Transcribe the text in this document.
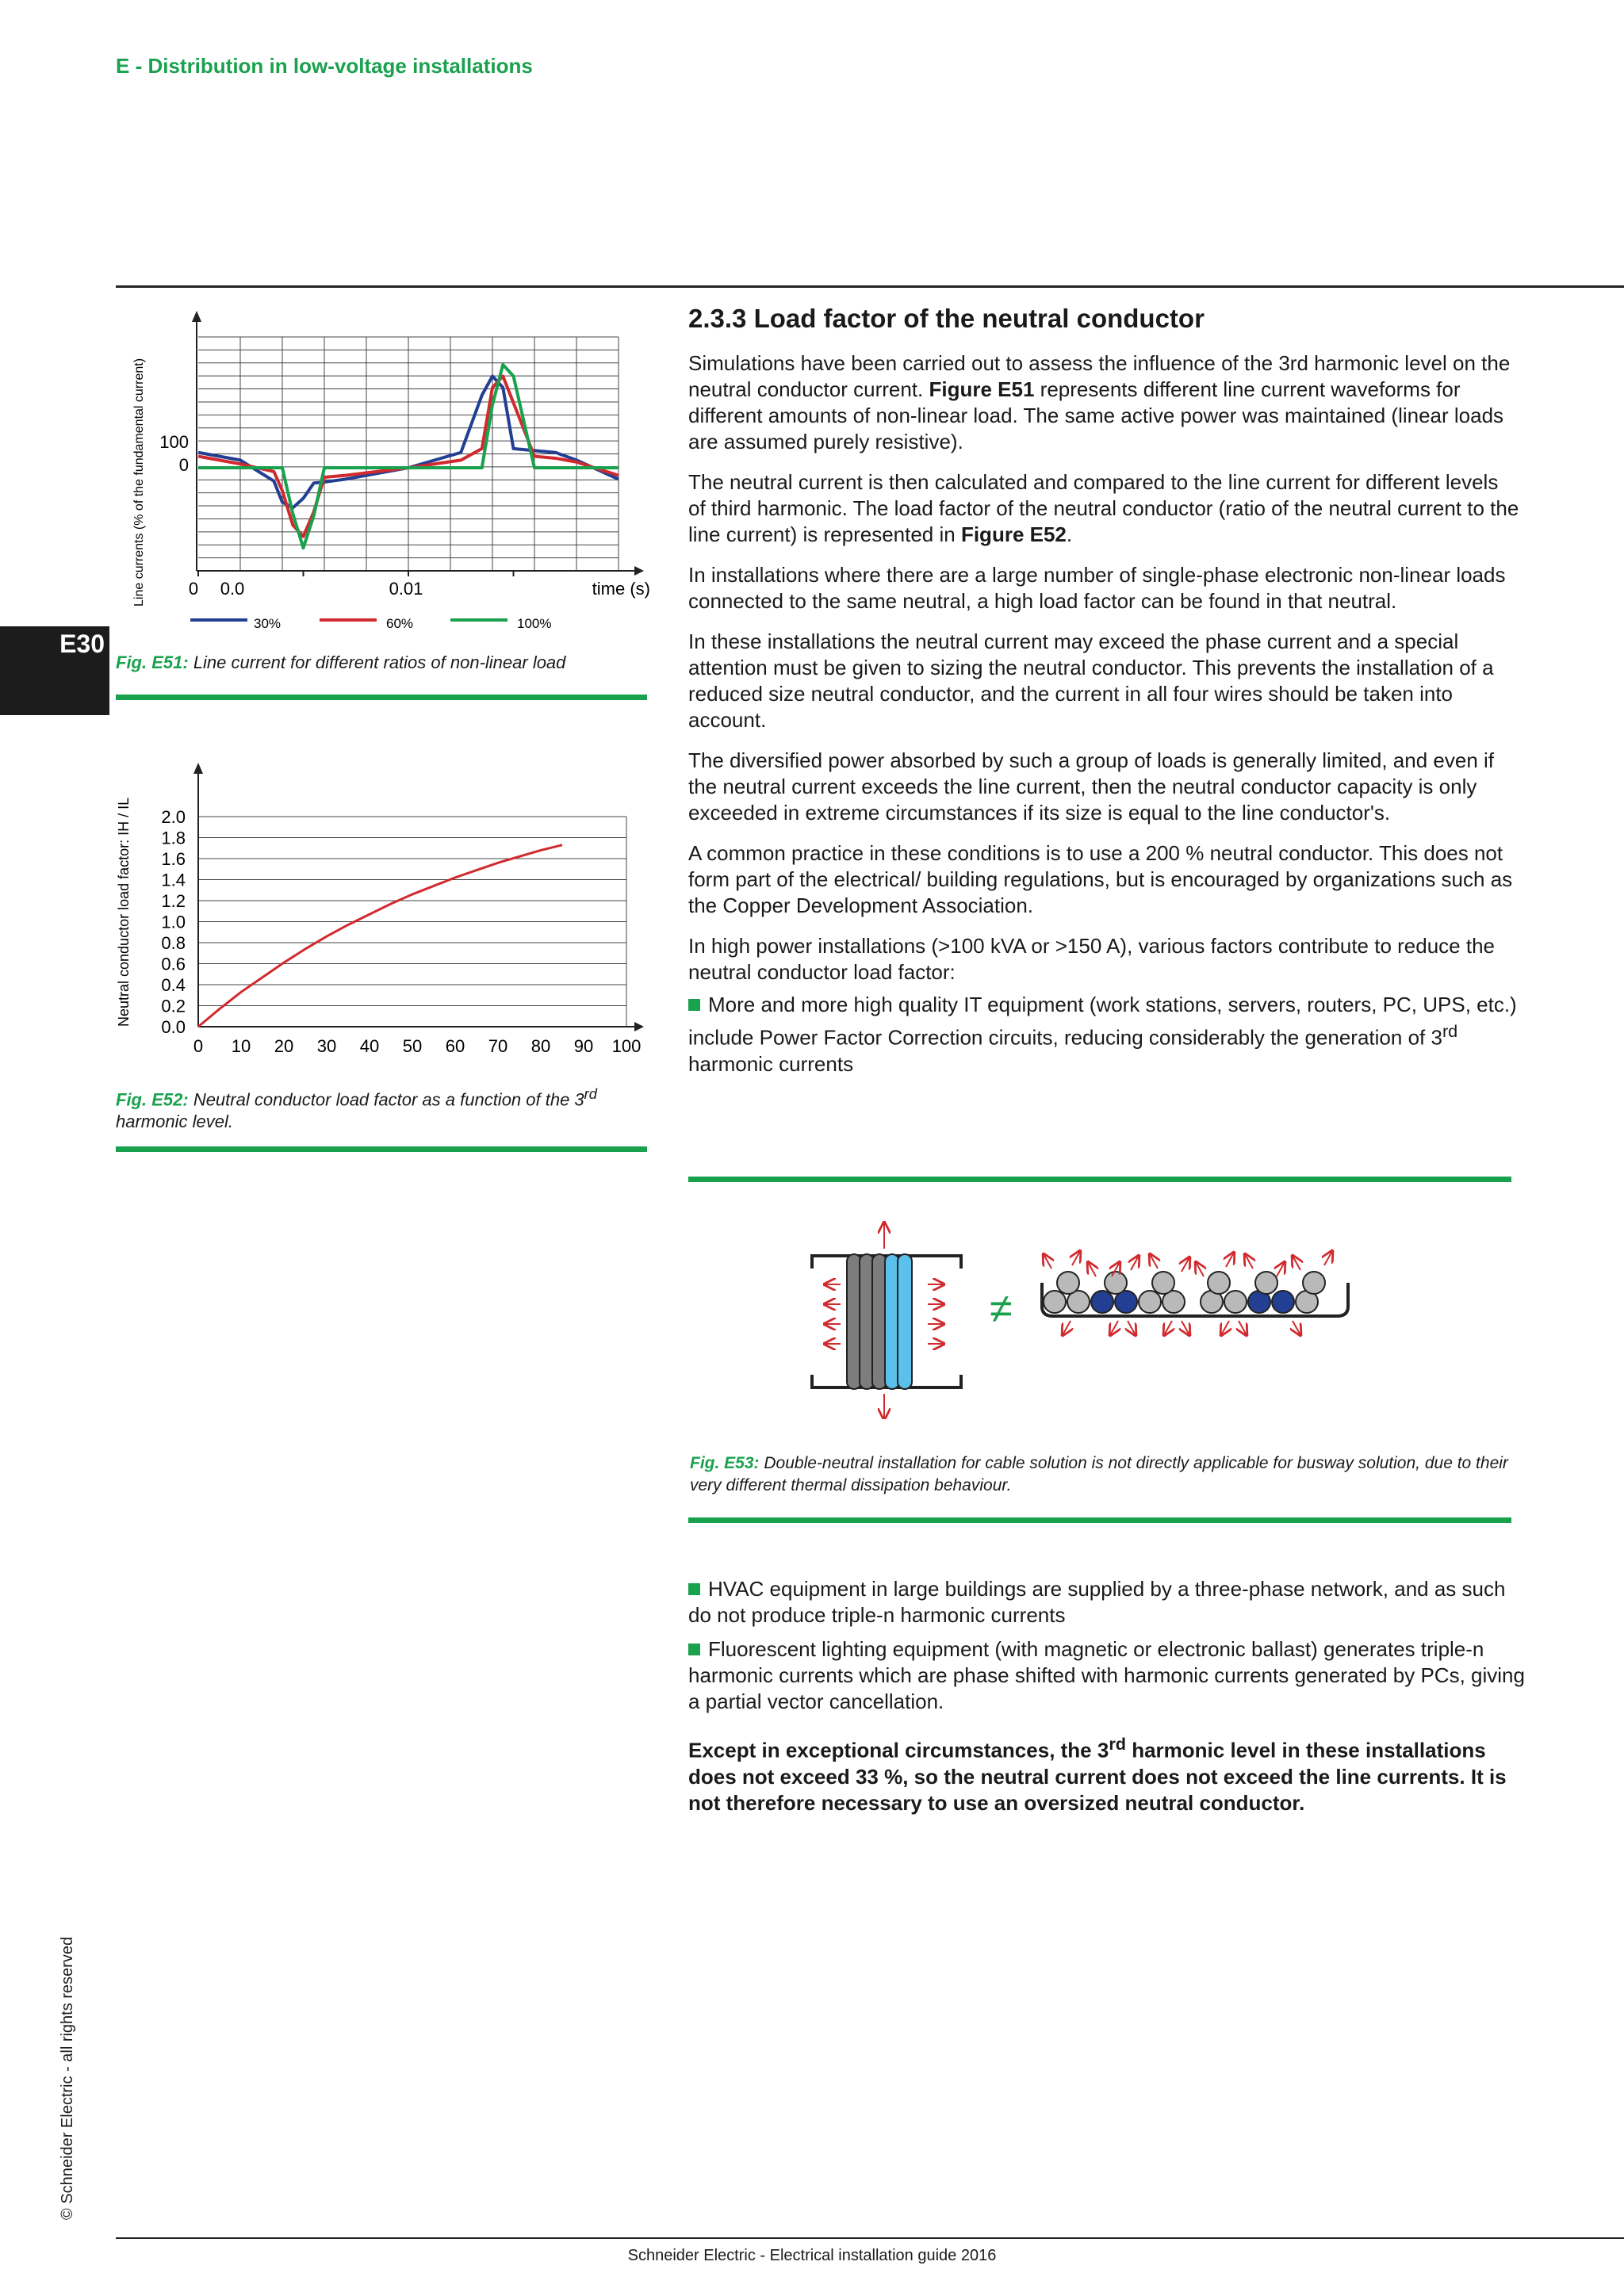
E - Distribution in low-voltage installations
E30
Line currents (% of the fundamental current) 100
0
0 0.0	0.01	time (s)
30%	60%	100%
Fig. E51: Line current for different ratios of non-linear load
2.0
1.8
1.6
1.4
1.2
1.0
0.8
0.6
0.4
0.2
0.0
0 10 20 30 40 50 60 70 80 90 100
Neutral conductor load factor: IH / IL
Fig. E52: Neutral conductor load factor as a function of the 3rd harmonic level.
2.3.3 Load factor of the neutral conductor

Simulations have been carried out to assess the influence of the 3rd harmonic level on the neutral conductor current. Figure E51 represents different line current waveforms for different amounts of non-linear load. The same active power was maintained (linear loads are assumed purely resistive).

The neutral current is then calculated and compared to the line current for different levels of third harmonic. The load factor of the neutral conductor (ratio of the neutral current to the line current) is represented in Figure E52.

In installations where there are a large number of single-phase electronic non-linear loads connected to the same neutral, a high load factor can be found in that neutral.

In these installations the neutral current may exceed the phase current and a special attention must be given to sizing the neutral conductor. This prevents the installation of a reduced size neutral conductor, and the current in all four wires should be taken into account.

The diversified power absorbed by such a group of loads is generally limited, and even if the neutral current exceeds the line current, then the neutral conductor capacity is only exceeded in extreme circumstances if its size is equal to the line conductor's.

A common practice in these conditions is to use a 200 % neutral conductor. This does not form part of the electrical/ building regulations, but is encouraged by organizations such as the Copper Development Association.

In high power installations (>100 kVA or >150 A), various factors contribute to reduce the neutral conductor load factor:

More and more high quality IT equipment (work stations, servers, routers, PC, UPS, etc.) include Power Factor Correction circuits, reducing considerably the generation of 3rd harmonic currents

≠
Fig. E53: Double-neutral installation for cable solution is not directly applicable for busway solution, due to their very different thermal dissipation behaviour.

HVAC equipment in large buildings are supplied by a three-phase network, and as such do not produce triple-n harmonic currents

Fluorescent lighting equipment (with magnetic or electronic ballast) generates triple-n harmonic currents which are phase shifted with harmonic currents generated by PCs, giving a partial vector cancellation.

Except in exceptional circumstances, the 3rd harmonic level in these installations does not exceed 33 %, so the neutral current does not exceed the line currents. It is not therefore necessary to use an oversized neutral conductor.

© Schneider Electric - all rights reserved
Schneider Electric - Electrical installation guide 2016
